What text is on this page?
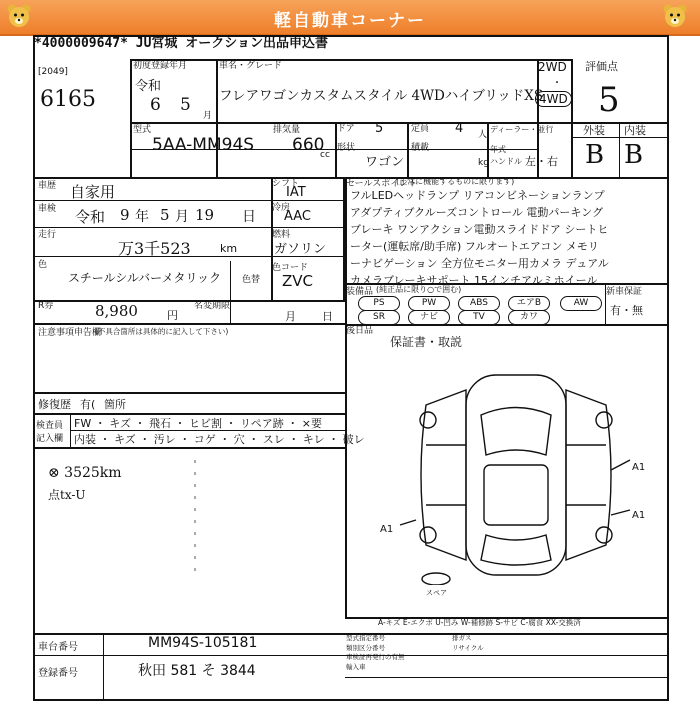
軽自動車コーナー
*4000009647* JU宮城 オークション出品申込書
[2049]
6165
初度登録年月
令和
6 5
月
車名・グレード
フレアワゴンカスタムスタイル 4WDハイブリッドXS
2WD
・
4WD
評価点
5
型式
5AA-MM94S
排気量
660
cc
ドア 5	定員 4 人
ディーラー・並行
形状
ワゴン
積載
kg
年式
ハンドル 左・右
外装 内装
B B
車歴 自家用
車検 令和 9 年 5 月 19 日
走行
万3千523	km
色
スチールシルバーメタリック 色替
R券	8,980	円
名変期限
月 日
シフト
IAT
冷房
AAC
燃料
ガソリン
色コード
ZVC
セールスポイント
(正常に機能するものに限ります)
フルLEDヘッドランプ リアコンビネーションランプ
アダプティブクルーズコントロール 電動パーキング
ブレーキ ワンアクション電動スライドドア シートヒ
ーター(運転席/助手席) フルオートエアコン メモリ
ーナビゲーション 全方位モニター用カメラ デュアル
カメラブレーキサポート 15インチアルミホイール
装備品 (純正品に限り○で囲む)	新車保証
PS	PW	ABS	エアB	AW
SR	ナビ	TV	カワ	有・無
後日品
保証書・取説
注意事項申告欄
(不具合箇所は具体的に記入して下さい)
修復歴 有( 箇所
検査員
記入欄
FW ・ キズ ・ 飛石 ・ ヒビ割 ・ リペア跡 ・ ×要
内装 ・ キズ ・ 汚レ ・ コゲ ・ 穴 ・ スレ ・ キレ ・ 破レ
⊗ 3525km
点tx-U
A1
A1
A1
スペア
A-キズ E-エクボ U-凹み W-補修跡 S-サビ C-腐食 XX-交換済
車台番号	MM94S-105181
登録番号	秋田 581 そ 3844
型式指定番号
類別区分番号
車検証再発行の有無
輸入車
排ガス
リサイクル
